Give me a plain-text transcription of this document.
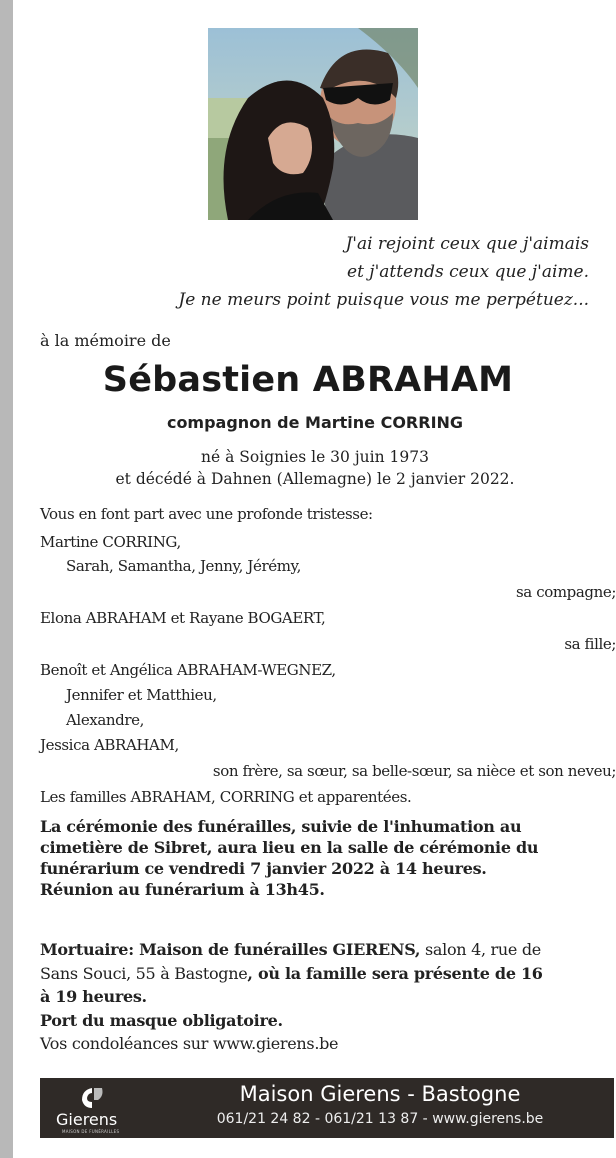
J'ai rejoint ceux que j'aimais
et j'attends ceux que j'aime.
Je ne meurs point puisque vous me perpétuez...
à la mémoire de
Sébastien ABRAHAM
compagnon de Martine CORRING
né à Soignies le 30 juin 1973
et décédé à Dahnen (Allemagne) le 2 janvier 2022.
Vous en font part avec une profonde tristesse:
Martine CORRING,
Sarah, Samantha, Jenny, Jérémy,
sa compagne;
Elona ABRAHAM et Rayane BOGAERT,
sa fille;
Benoît et Angélica ABRAHAM-WEGNEZ,
Jennifer et Matthieu,
Alexandre,
Jessica ABRAHAM,
son frère, sa sœur, sa belle-sœur, sa nièce et son neveu;
Les familles ABRAHAM, CORRING et apparentées.
La cérémonie des funérailles, suivie de l'inhumation au
cimetière de Sibret, aura lieu en la salle de cérémonie du
funérarium ce vendredi 7 janvier 2022 à 14 heures.
Réunion au funérarium à 13h45.
Mortuaire: Maison de funérailles GIERENS, salon 4, rue de
Sans Souci, 55 à Bastogne, où la famille sera présente de 16
à 19 heures.
Port du masque obligatoire.
Vos condoléances sur www.gierens.be
Gierens
MAISON DE FUNÉRAILLES
Maison Gierens - Bastogne
061/21 24 82 - 061/21 13 87 - www.gierens.be
